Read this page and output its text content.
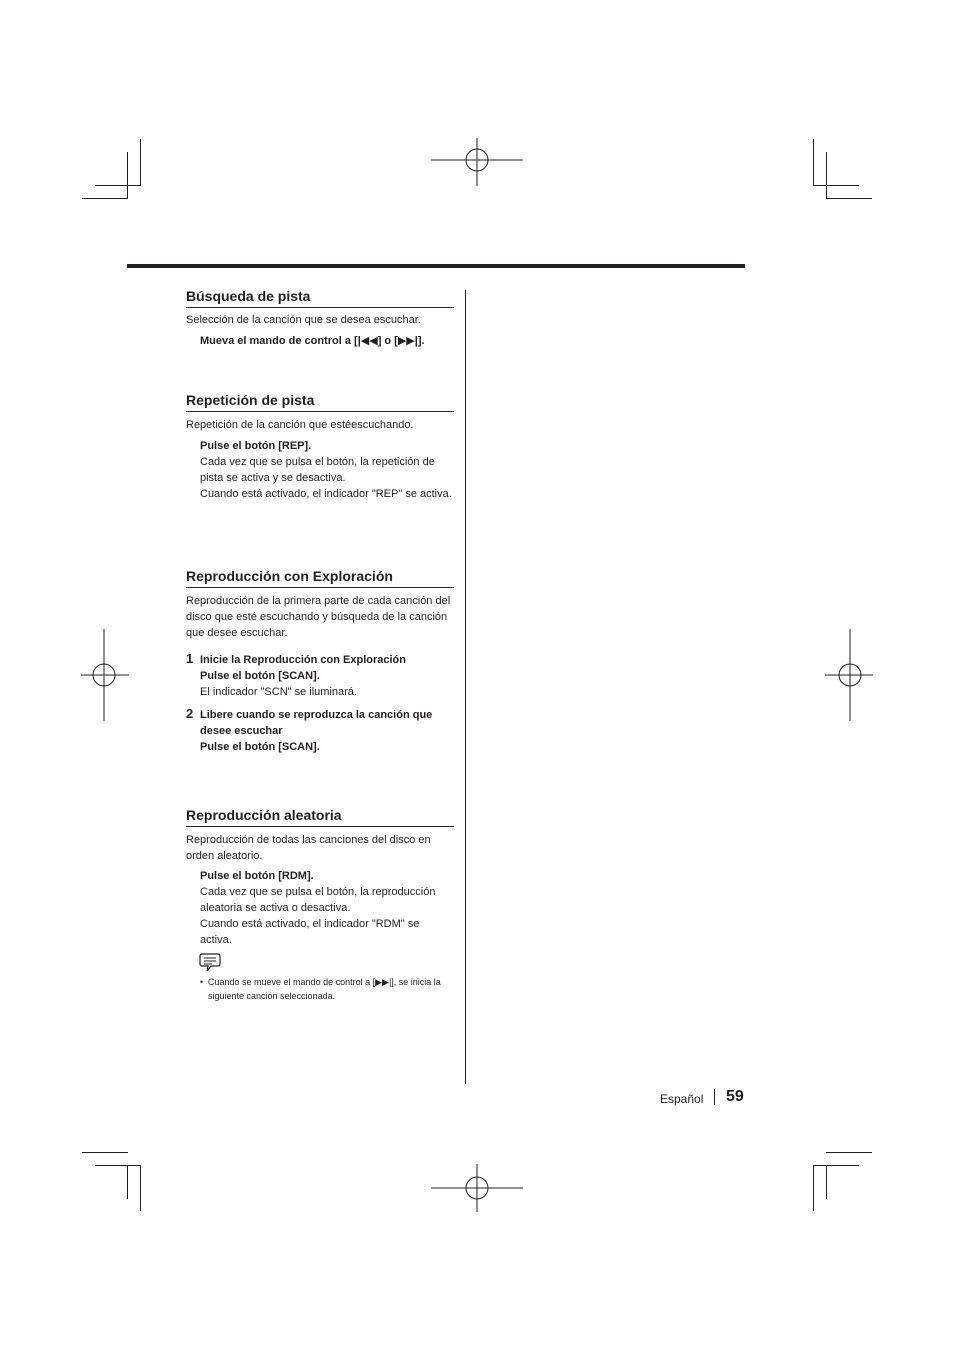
Búsqueda de pista
Selección de la canción que se desea escuchar.
Mueva el mando de control a [|◀◀] o [▶▶|].
Repetición de pista
Repetición de la canción que estéescuchando.
Pulse el botón [REP].
Cada vez que se pulsa el botón, la repetición de pista se activa y se desactiva.
Cuando está activado, el indicador "REP" se activa.
Reproducción con Exploración
Reproducción de la primera parte de cada canción del disco que esté escuchando y búsqueda de la canción que desee escuchar.
1 Inicie la Reproducción con Exploración
Pulse el botón [SCAN].
El indicador "SCN" se iluminará.
2 Libere cuando se reproduzca la canción que desee escuchar
Pulse el botón [SCAN].
Reproducción aleatoria
Reproducción de todas las canciones del disco en orden aleatorio.
Pulse el botón [RDM].
Cada vez que se pulsa el botón, la reproducción aleatoria se activa o desactiva.
Cuando está activado, el indicador "RDM" se activa.
• Cuando se mueve el mando de control a [▶▶|], se inicia la siguiente canción seleccionada.
Español 59
